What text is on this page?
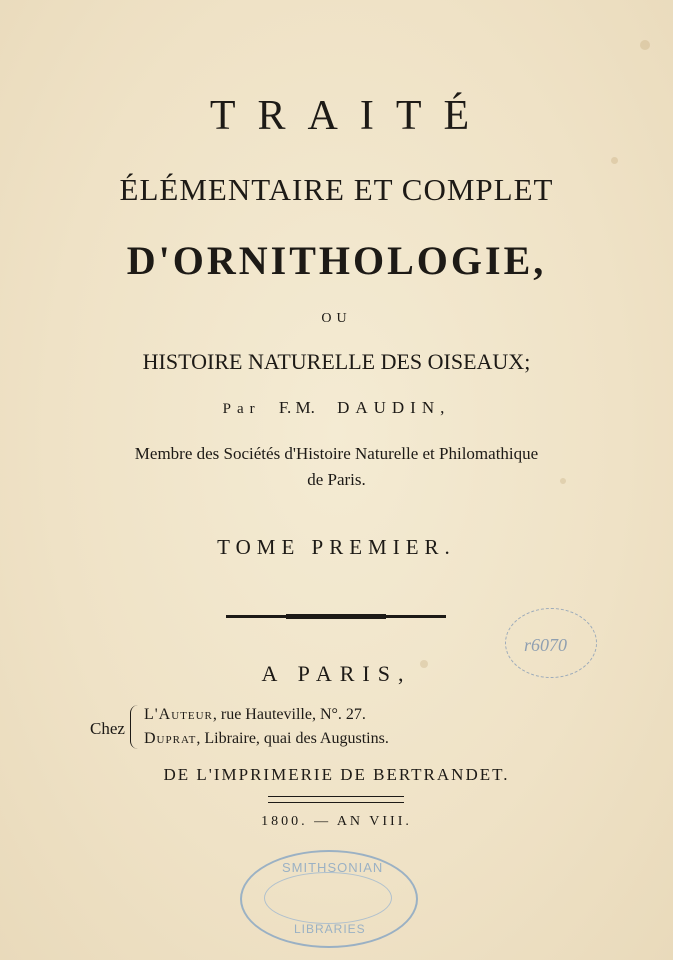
TRAITÉ
ÉLÉMENTAIRE ET COMPLET
D'ORNITHOLOGIE,
OU
HISTOIRE NATURELLE DES OISEAUX;
Par F. M. DAUDIN,
Membre des Sociétés d'Histoire Naturelle et Philomathique
de Paris.
TOME PREMIER.
r6070
A PARIS,
Chez
L'Auteur, rue Hauteville, N°. 27.
Duprat, Libraire, quai des Augustins.
DE L'IMPRIMERIE DE BERTRANDET.
1800. — AN VIII.
SMITHSONIAN
LIBRARIES
